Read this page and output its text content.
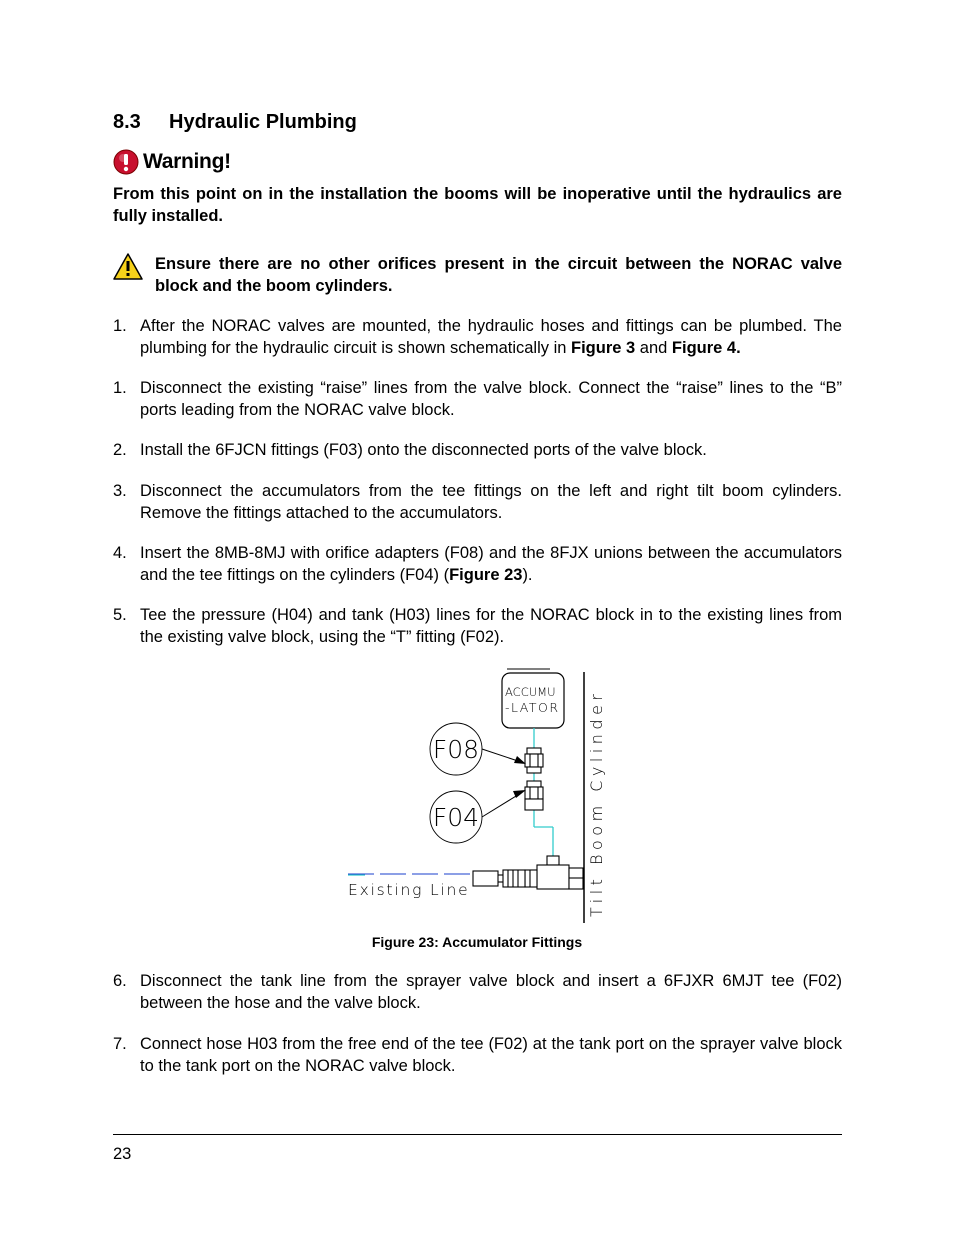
8.3 Hydraulic Plumbing
Warning!
From this point on in the installation the booms will be inoperative until the hydraulics are fully installed.
Ensure there are no other orifices present in the circuit between the NORAC valve block and the boom cylinders.
1. After the NORAC valves are mounted, the hydraulic hoses and fittings can be plumbed. The plumbing for the hydraulic circuit is shown schematically in Figure 3 and Figure 4.
1. Disconnect the existing “raise” lines from the valve block. Connect the “raise” lines to the “B” ports leading from the NORAC valve block.
2. Install the 6FJCN fittings (F03) onto the disconnected ports of the valve block.
3. Disconnect the accumulators from the tee fittings on the left and right tilt boom cylinders. Remove the fittings attached to the accumulators.
4. Insert the 8MB-8MJ with orifice adapters (F08) and the 8FJX unions between the accumulators and the tee fittings on the cylinders (F04) (Figure 23).
5. Tee the pressure (H04) and tank (H03) lines for the NORAC block in to the existing lines from the existing valve block, using the “T” fitting (F02).
Tilt Boom Cylinder
ACCUMU
-LATOR
F08
F04
Existing Line
Figure 23: Accumulator Fittings
6. Disconnect the tank line from the sprayer valve block and insert a 6FJXR 6MJT tee (F02) between the hose and the valve block.
7. Connect hose H03 from the free end of the tee (F02) at the tank port on the sprayer valve block to the tank port on the NORAC valve block.
23
